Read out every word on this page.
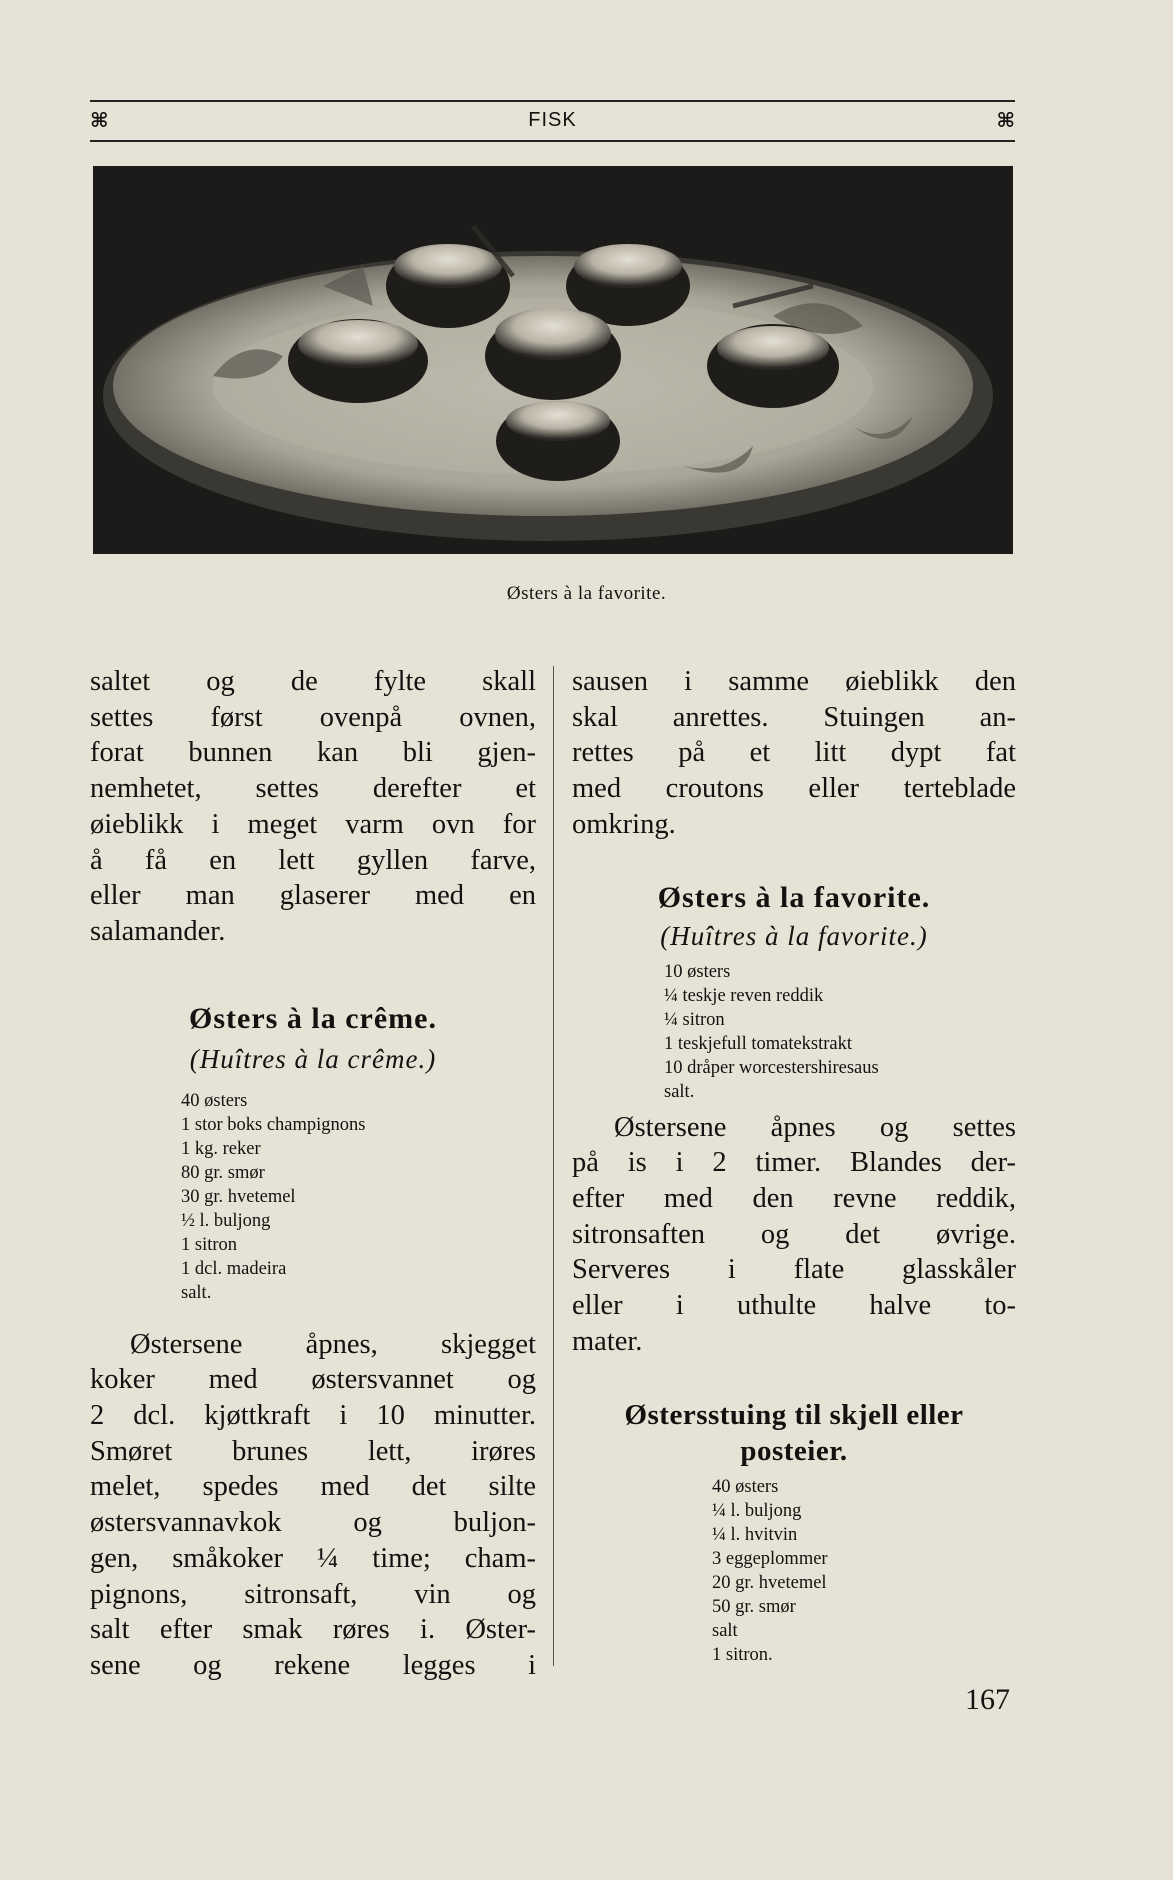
⌘	FISK	⌘
Østers à la favorite.
saltet og de fylte skall
settes først ovenpå ovnen,
forat bunnen kan bli gjen-
nemhetet, settes derefter et
øieblikk i meget varm ovn for
å få en lett gyllen farve,
eller man glaserer med en
salamander.
Østers à la crême.

(Huîtres à la crême.)

40 østers
1 stor boks champignons
1 kg. reker
80 gr. smør
30 gr. hvetemel
½ l. buljong
1 sitron
1 dcl. madeira
salt.
Østersene åpnes, skjegget
koker med østersvannet og
2 dcl. kjøttkraft i 10 minutter.
Smøret brunes lett, irøres
melet, spedes med det silte
østersvannavkok og buljon-
gen, småkoker ¼ time; cham-
pignons, sitronsaft, vin og
salt efter smak røres i. Øster-
sene og rekene legges i
sausen i samme øieblikk den
skal anrettes. Stuingen an-
rettes på et litt dypt fat
med croutons eller terteblade
omkring.
Østers à la favorite.

(Huîtres à la favorite.)

10 østers
¼ teskje reven reddik
¼ sitron
1 teskjefull tomatekstrakt
10 dråper worcestershiresaus
salt.
Østersene åpnes og settes
på is i 2 timer. Blandes der-
efter med den revne reddik,
sitronsaften og det øvrige.
Serveres i flate glasskåler
eller i uthulte halve to-
mater.
Østersstuing til skjell eller
posteier.
40 østers
¼ l. buljong
¼ l. hvitvin
3 eggeplommer
20 gr. hvetemel
50 gr. smør
salt
1 sitron.
167
